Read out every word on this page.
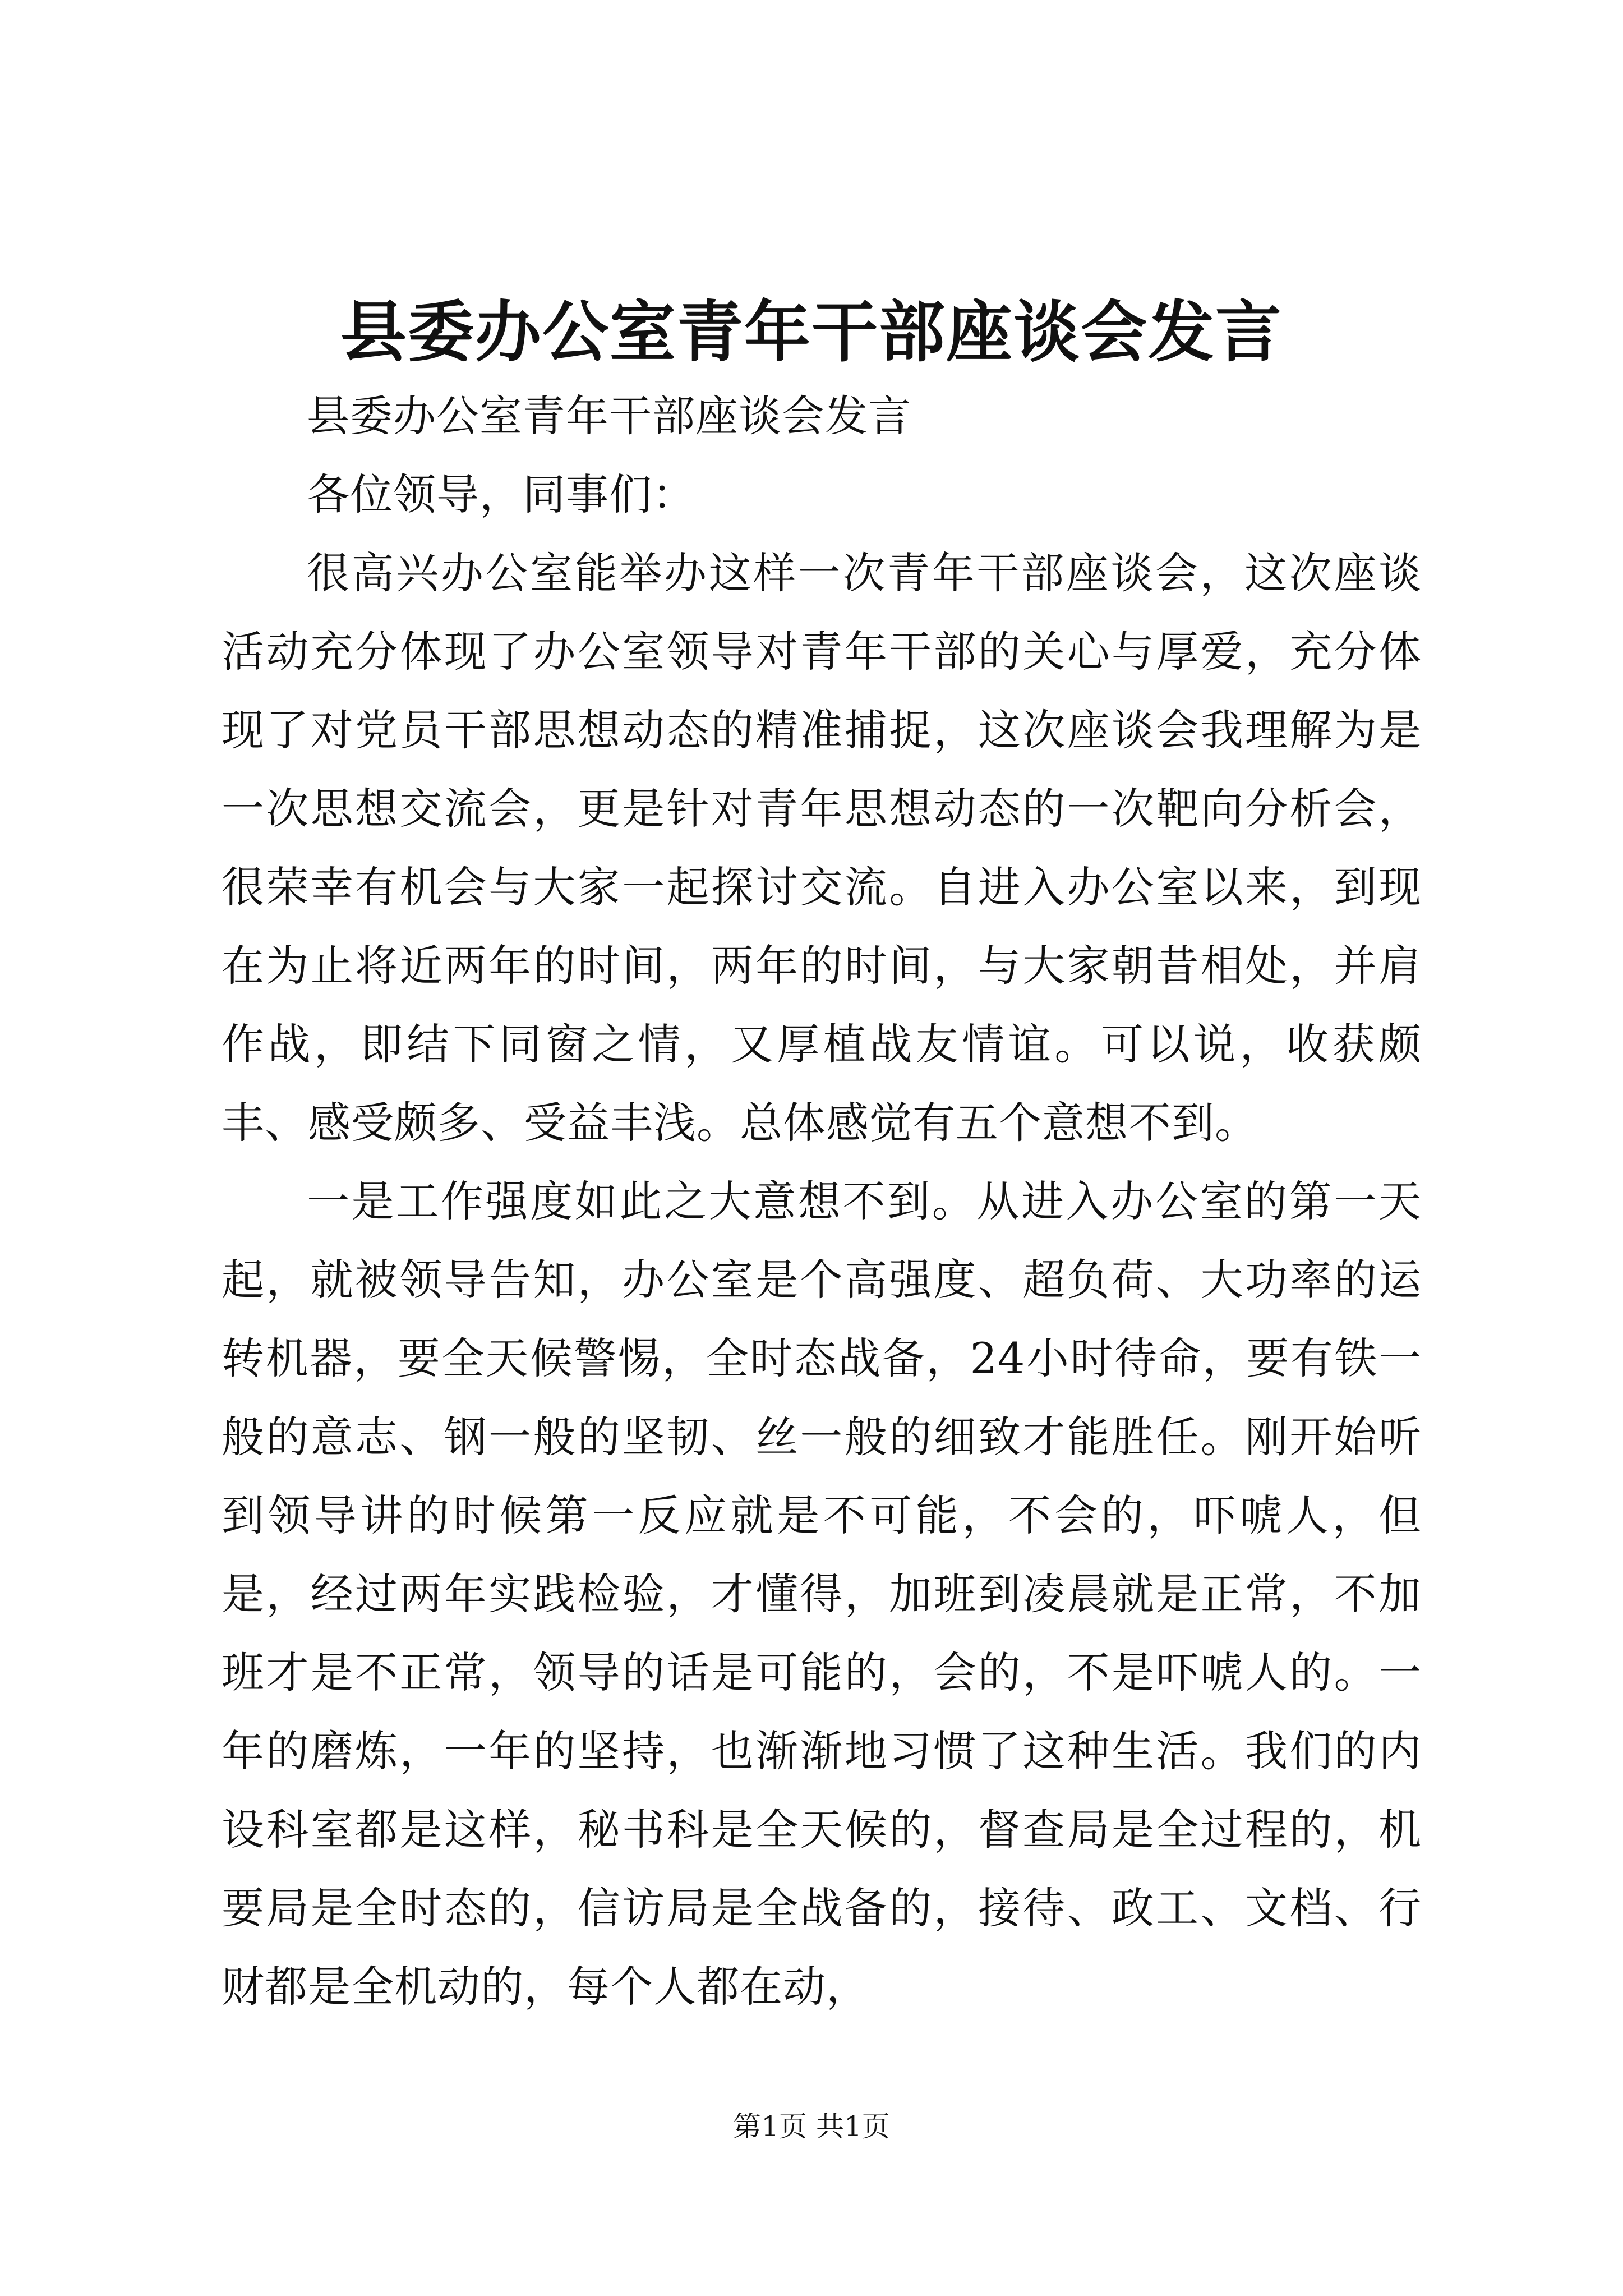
县委办公室青年干部座谈会发言

县委办公室青年干部座谈会发言

各位领导，同事们：

很高兴办公室能举办这样一次青年干部座谈会，这次座谈活动充分体现了办公室领导对青年干部的关心与厚爱，充分体现了对党员干部思想动态的精准捕捉，这次座谈会我理解为是一次思想交流会，更是针对青年思想动态的一次靶向分析会，很荣幸有机会与大家一起探讨交流。自进入办公室以来，到现在为止将近两年的时间，两年的时间，与大家朝昔相处，并肩作战，即结下同窗之情，又厚植战友情谊。可以说，收获颇丰、感受颇多、受益丰浅。总体感觉有五个意想不到。

一是工作强度如此之大意想不到。从进入办公室的第一天起，就被领导告知，办公室是个高强度、超负荷、大功率的运转机器，要全天候警惕，全时态战备，24小时待命，要有铁一般的意志、钢一般的坚韧、丝一般的细致才能胜任。刚开始听到领导讲的时候第一反应就是不可能，不会的，吓唬人，但是，经过两年实践检验，才懂得，加班到凌晨就是正常，不加班才是不正常，领导的话是可能的，会的，不是吓唬人的。一年的磨炼，一年的坚持，也渐渐地习惯了这种生活。我们的内设科室都是这样，秘书科是全天候的，督查局是全过程的，机要局是全时态的，信访局是全战备的，接待、政工、文档、行财都是全机动的，每个人都在动，

第1页 共1页
